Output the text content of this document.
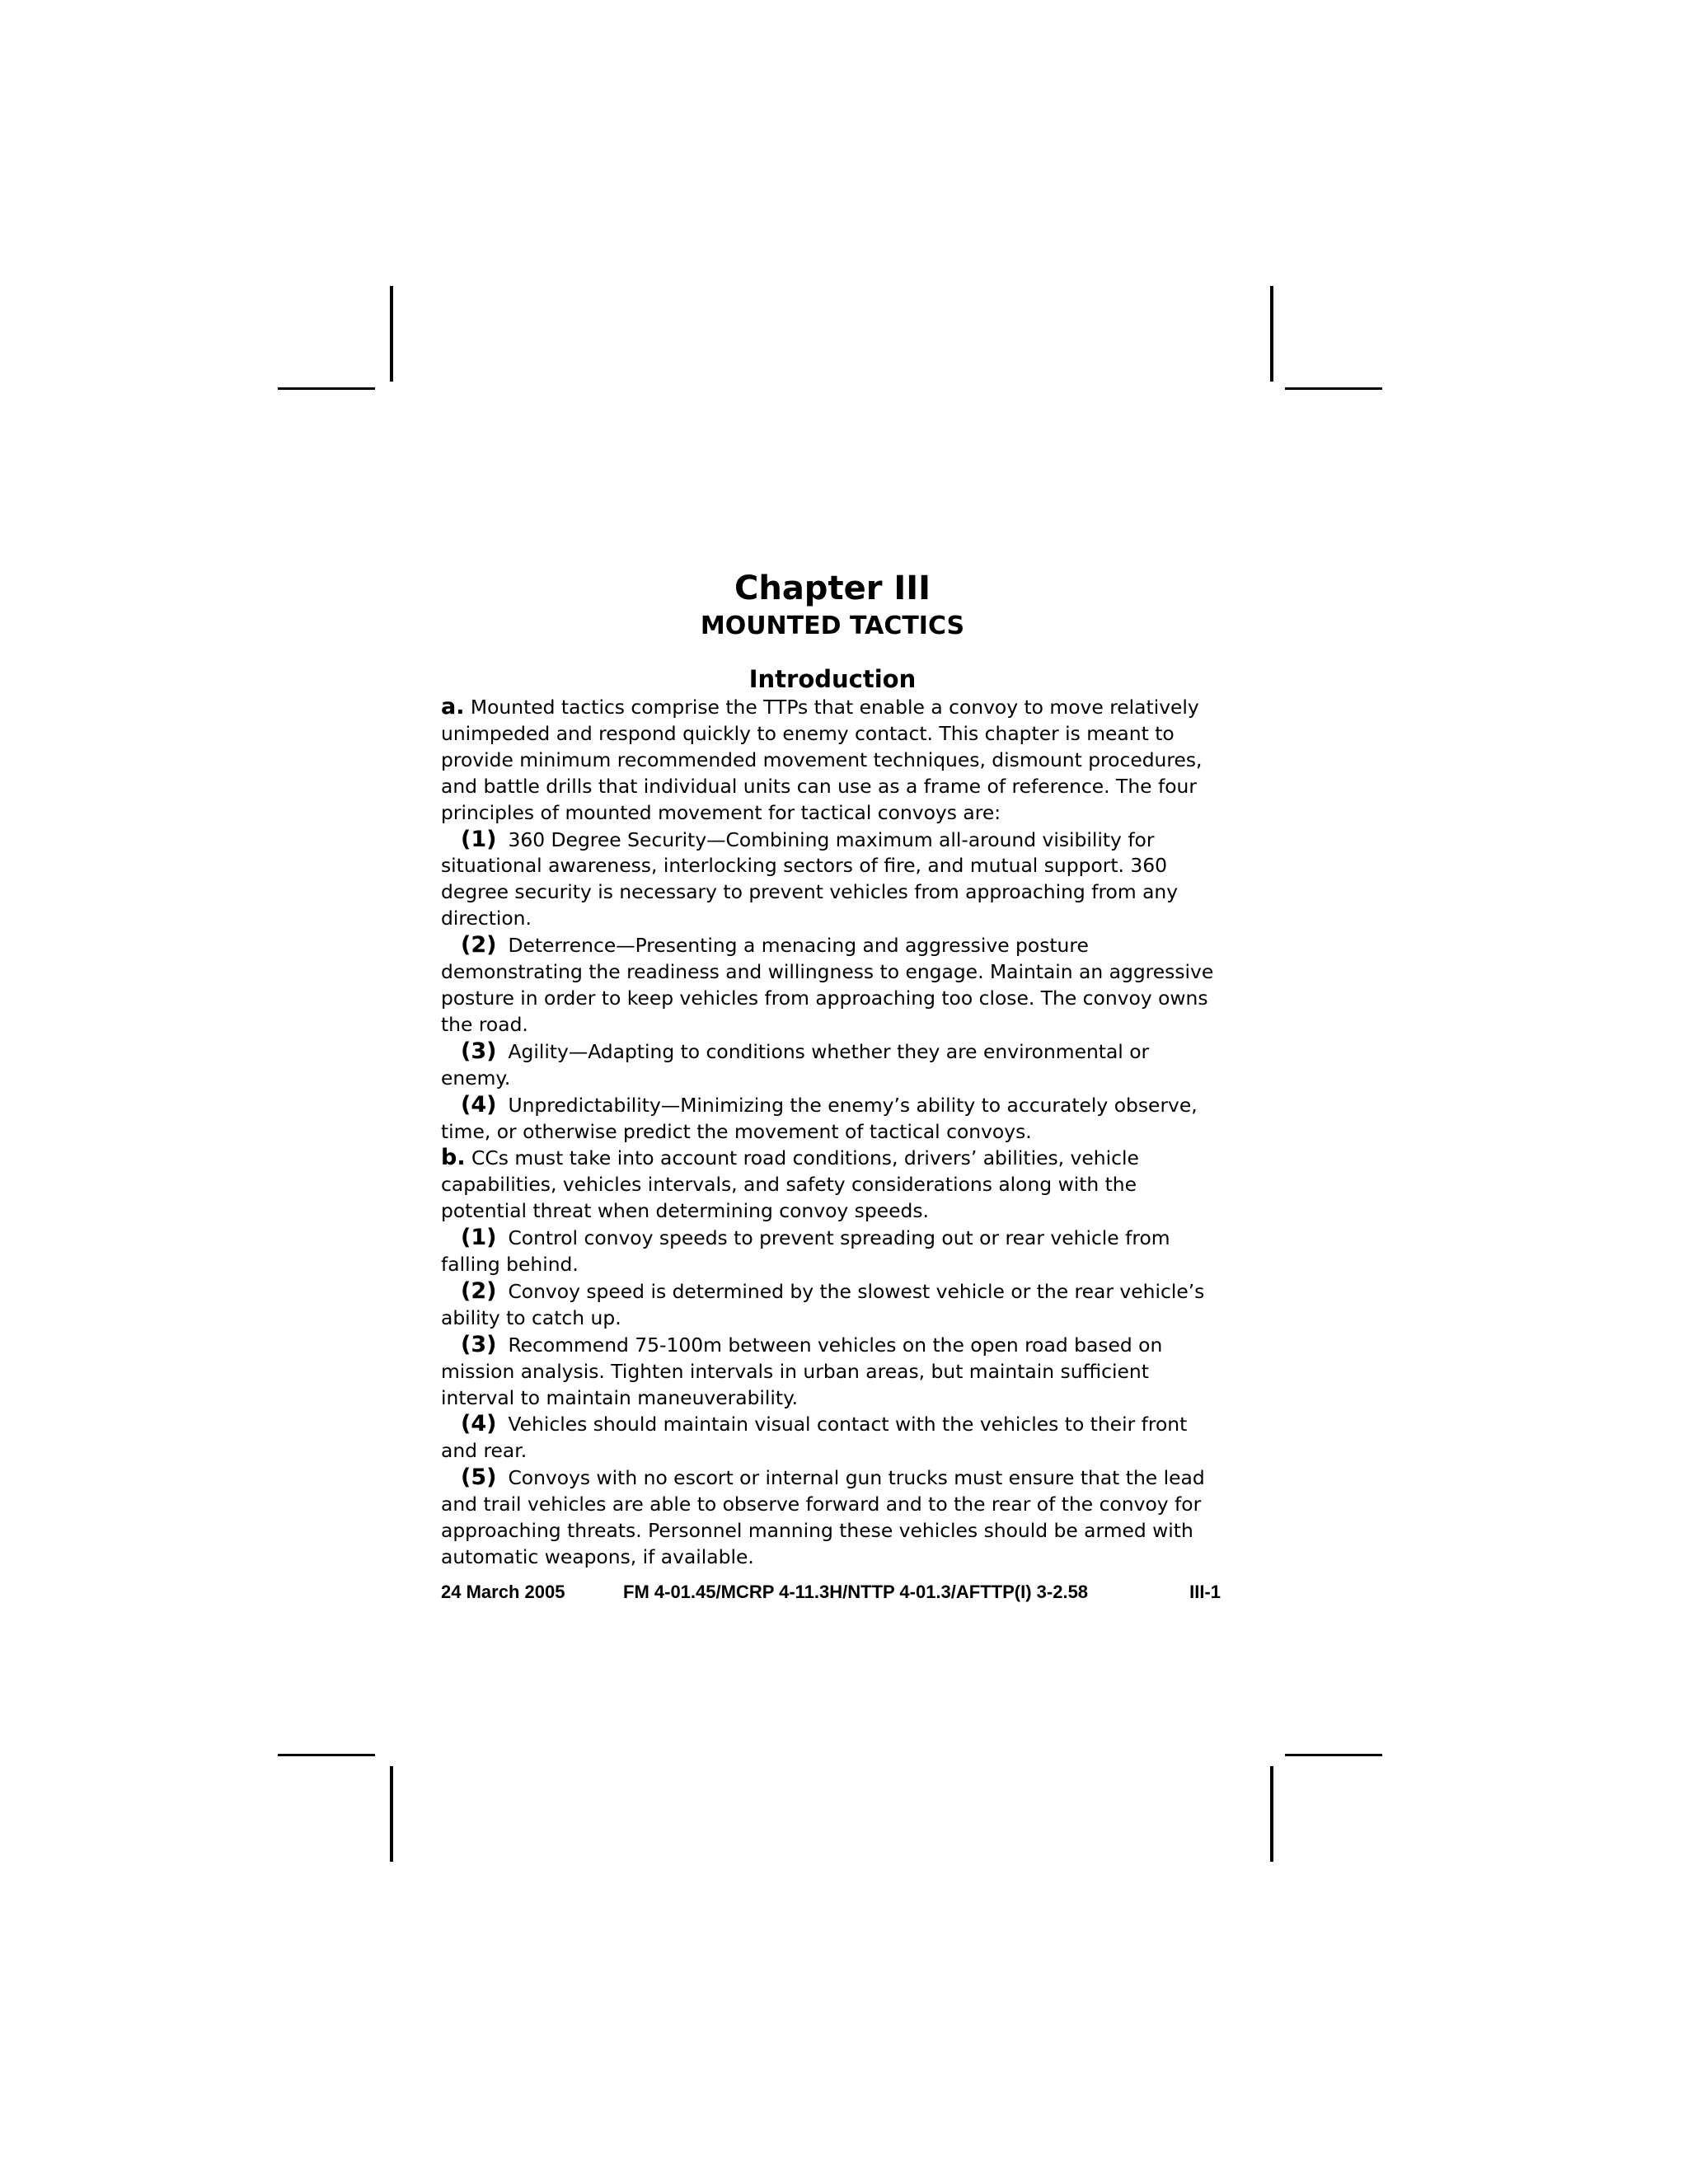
Chapter III
MOUNTED TACTICS
Introduction

a. Mounted tactics comprise the TTPs that enable a convoy to move relatively unimpeded and respond quickly to enemy contact. This chapter is meant to provide minimum recommended movement techniques, dismount procedures, and battle drills that individual units can use as a frame of reference. The four principles of mounted movement for tactical convoys are:

(1) 360 Degree Security—Combining maximum all-around visibility for situational awareness, interlocking sectors of fire, and mutual support. 360 degree security is necessary to prevent vehicles from approaching from any direction.

(2) Deterrence—Presenting a menacing and aggressive posture demonstrating the readiness and willingness to engage. Maintain an aggressive posture in order to keep vehicles from approaching too close. The convoy owns the road.

(3) Agility—Adapting to conditions whether they are environmental or enemy.

(4) Unpredictability—Minimizing the enemy’s ability to accurately observe, time, or otherwise predict the movement of tactical convoys.

b. CCs must take into account road conditions, drivers’ abilities, vehicle capabilities, vehicles intervals, and safety considerations along with the potential threat when determining convoy speeds.

(1) Control convoy speeds to prevent spreading out or rear vehicle from falling behind.

(2) Convoy speed is determined by the slowest vehicle or the rear vehicle’s ability to catch up.

(3) Recommend 75-100m between vehicles on the open road based on mission analysis. Tighten intervals in urban areas, but maintain sufficient interval to maintain maneuverability.

(4) Vehicles should maintain visual contact with the vehicles to their front and rear.

(5) Convoys with no escort or internal gun trucks must ensure that the lead and trail vehicles are able to observe forward and to the rear of the convoy for approaching threats. Personnel manning these vehicles should be armed with automatic weapons, if available.

24 March 2005	FM 4-01.45/MCRP 4-11.3H/NTTP 4-01.3/AFTTP(I) 3-2.58	III-1
